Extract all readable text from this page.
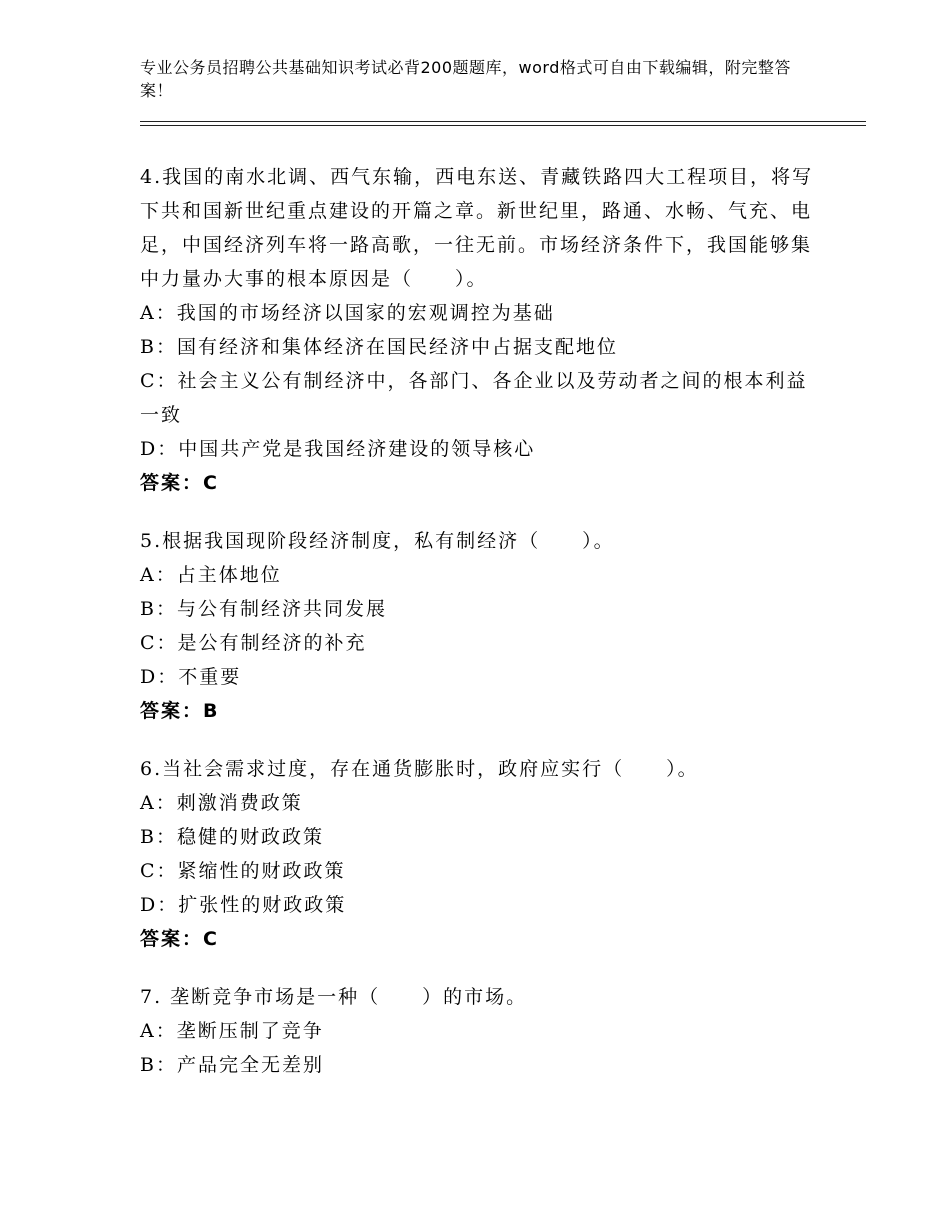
专业公务员招聘公共基础知识考试必背200题题库，word格式可自由下载编辑，附完整答案！
4.我国的南水北调、西气东输，西电东送、青藏铁路四大工程项目，将写下共和国新世纪重点建设的开篇之章。新世纪里，路通、水畅、气充、电足，中国经济列车将一路高歌，一往无前。市场经济条件下，我国能够集中力量办大事的根本原因是（　　）。
A：我国的市场经济以国家的宏观调控为基础
B：国有经济和集体经济在国民经济中占据支配地位
C：社会主义公有制经济中，各部门、各企业以及劳动者之间的根本利益一致
D：中国共产党是我国经济建设的领导核心
答案：C
5.根据我国现阶段经济制度，私有制经济（　　）。
A：占主体地位
B：与公有制经济共同发展
C：是公有制经济的补充
D：不重要
答案：B
6.当社会需求过度，存在通货膨胀时，政府应实行（　　）。
A：刺激消费政策
B：稳健的财政政策
C：紧缩性的财政政策
D：扩张性的财政政策
答案：C
7. 垄断竞争市场是一种（　　）的市场。
A：垄断压制了竞争
B：产品完全无差别
